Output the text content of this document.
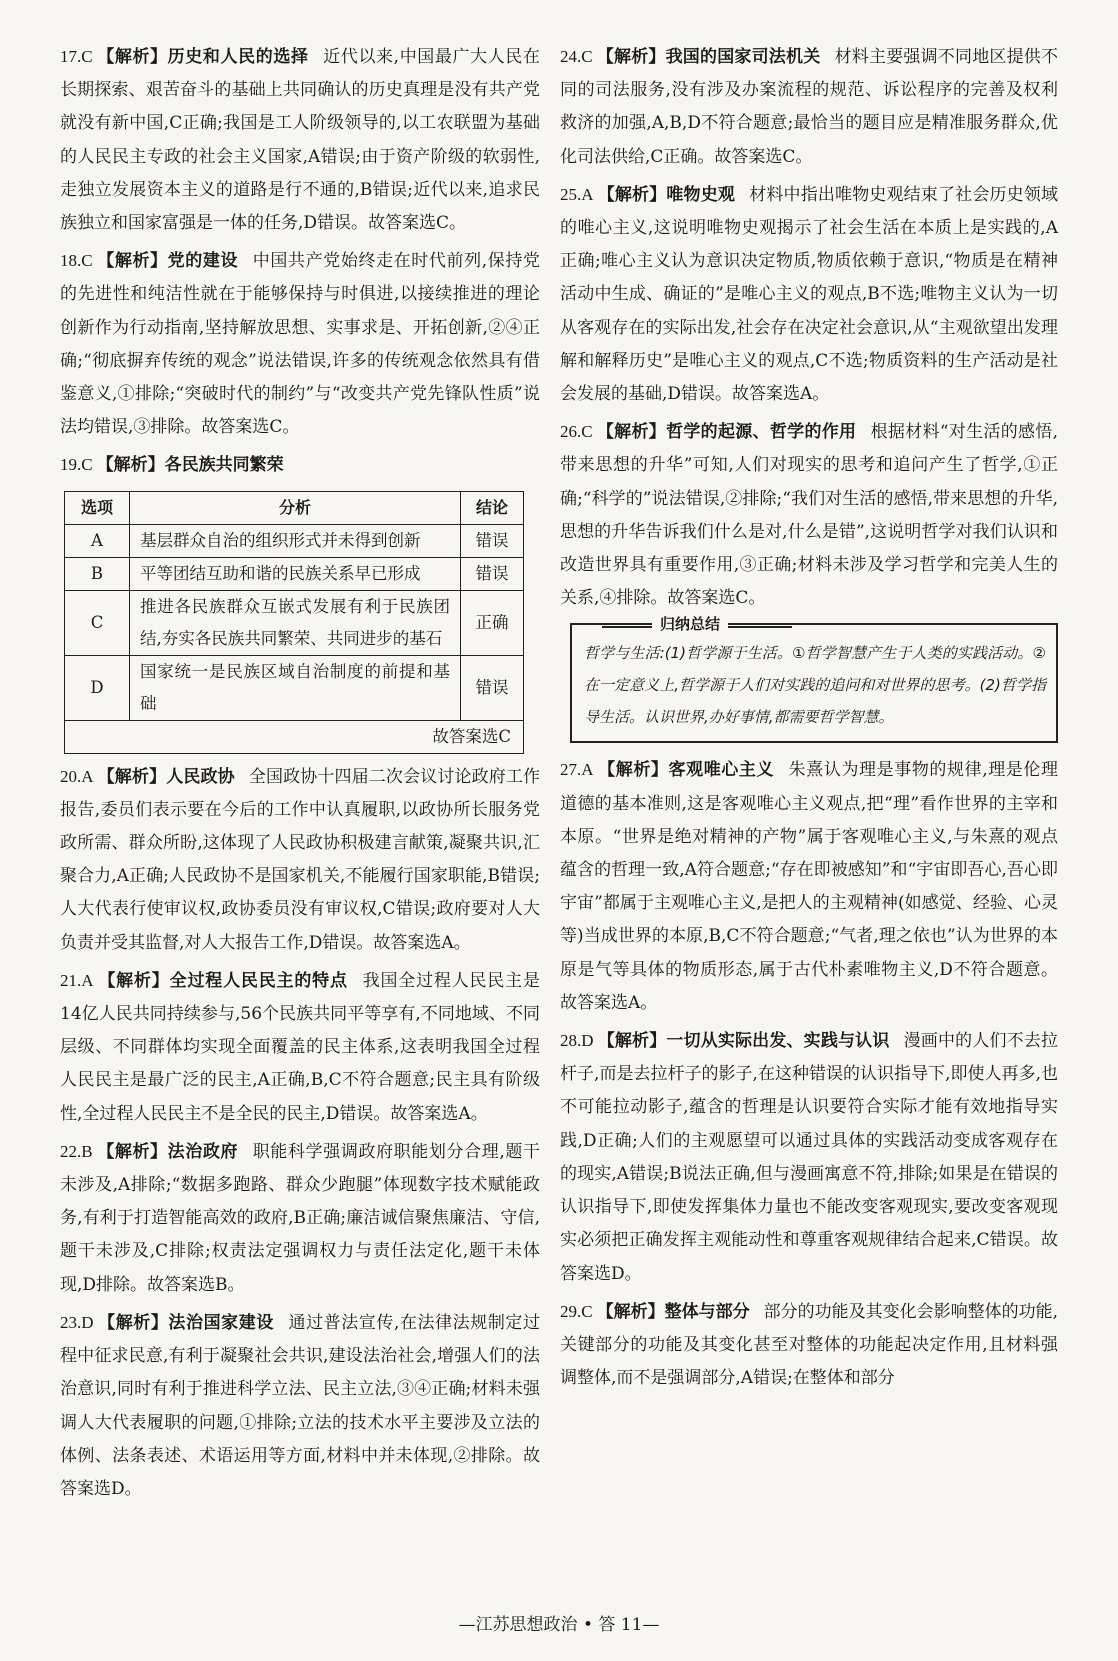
17.C 【解析】历史和人民的选择 近代以来,中国最广大人民在长期探索、艰苦奋斗的基础上共同确认的历史真理是没有共产党就没有新中国,C正确;我国是工人阶级领导的,以工农联盟为基础的人民民主专政的社会主义国家,A错误;由于资产阶级的软弱性,走独立发展资本主义的道路是行不通的,B错误;近代以来,追求民族独立和国家富强是一体的任务,D错误。故答案选C。

18.C 【解析】党的建设 中国共产党始终走在时代前列,保持党的先进性和纯洁性就在于能够保持与时俱进,以接续推进的理论创新作为行动指南,坚持解放思想、实事求是、开拓创新,②④正确;“彻底摒弃传统的观念”说法错误,许多的传统观念依然具有借鉴意义,①排除;“突破时代的制约”与“改变共产党先锋队性质”说法均错误,③排除。故答案选C。

19.C 【解析】各民族共同繁荣

选项	分析	结论
A	基层群众自治的组织形式并未得到创新	错误
B	平等团结互助和谐的民族关系早已形成	错误
C	推进各民族群众互嵌式发展有利于民族团结,夯实各民族共同繁荣、共同进步的基石	正确
D	国家统一是民族区域自治制度的前提和基础	错误
故答案选C		

20.A 【解析】人民政协 全国政协十四届二次会议讨论政府工作报告,委员们表示要在今后的工作中认真履职,以政协所长服务党政所需、群众所盼,这体现了人民政协积极建言献策,凝聚共识,汇聚合力,A正确;人民政协不是国家机关,不能履行国家职能,B错误;人大代表行使审议权,政协委员没有审议权,C错误;政府要对人大负责并受其监督,对人大报告工作,D错误。故答案选A。

21.A 【解析】全过程人民民主的特点 我国全过程人民民主是14亿人民共同持续参与,56个民族共同平等享有,不同地域、不同层级、不同群体均实现全面覆盖的民主体系,这表明我国全过程人民民主是最广泛的民主,A正确,B,C不符合题意;民主具有阶级性,全过程人民民主不是全民的民主,D错误。故答案选A。

22.B 【解析】法治政府 职能科学强调政府职能划分合理,题干未涉及,A排除;“数据多跑路、群众少跑腿”体现数字技术赋能政务,有利于打造智能高效的政府,B正确;廉洁诚信聚焦廉洁、守信,题干未涉及,C排除;权责法定强调权力与责任法定化,题干未体现,D排除。故答案选B。

23.D 【解析】法治国家建设 通过普法宣传,在法律法规制定过程中征求民意,有利于凝聚社会共识,建设法治社会,增强人们的法治意识,同时有利于推进科学立法、民主立法,③④正确;材料未强调人大代表履职的问题,①排除;立法的技术水平主要涉及立法的体例、法条表述、术语运用等方面,材料中并未体现,②排除。故答案选D。

24.C 【解析】我国的国家司法机关 材料主要强调不同地区提供不同的司法服务,没有涉及办案流程的规范、诉讼程序的完善及权利救济的加强,A,B,D不符合题意;最恰当的题目应是精准服务群众,优化司法供给,C正确。故答案选C。

25.A 【解析】唯物史观 材料中指出唯物史观结束了社会历史领域的唯心主义,这说明唯物史观揭示了社会生活在本质上是实践的,A正确;唯心主义认为意识决定物质,物质依赖于意识,“物质是在精神活动中生成、确证的”是唯心主义的观点,B不选;唯物主义认为一切从客观存在的实际出发,社会存在决定社会意识,从“主观欲望出发理解和解释历史”是唯心主义的观点,C不选;物质资料的生产活动是社会发展的基础,D错误。故答案选A。

26.C 【解析】哲学的起源、哲学的作用 根据材料“对生活的感悟,带来思想的升华”可知,人们对现实的思考和追问产生了哲学,①正确;“科学的”说法错误,②排除;“我们对生活的感悟,带来思想的升华,思想的升华告诉我们什么是对,什么是错”,这说明哲学对我们认识和改造世界具有重要作用,③正确;材料未涉及学习哲学和完美人生的关系,④排除。故答案选C。

归纳总结
哲学与生活:(1)哲学源于生活。①哲学智慧产生于人类的实践活动。②在一定意义上,哲学源于人们对实践的追问和对世界的思考。(2)哲学指导生活。认识世界,办好事情,都需要哲学智慧。

27.A 【解析】客观唯心主义 朱熹认为理是事物的规律,理是伦理道德的基本准则,这是客观唯心主义观点,把“理”看作世界的主宰和本原。“世界是绝对精神的产物”属于客观唯心主义,与朱熹的观点蕴含的哲理一致,A符合题意;“存在即被感知”和“宇宙即吾心,吾心即宇宙”都属于主观唯心主义,是把人的主观精神(如感觉、经验、心灵等)当成世界的本原,B,C不符合题意;“气者,理之依也”认为世界的本原是气等具体的物质形态,属于古代朴素唯物主义,D不符合题意。故答案选A。

28.D 【解析】一切从实际出发、实践与认识 漫画中的人们不去拉杆子,而是去拉杆子的影子,在这种错误的认识指导下,即使人再多,也不可能拉动影子,蕴含的哲理是认识要符合实际才能有效地指导实践,D正确;人们的主观愿望可以通过具体的实践活动变成客观存在的现实,A错误;B说法正确,但与漫画寓意不符,排除;如果是在错误的认识指导下,即使发挥集体力量也不能改变客观现实,要改变客观现实必须把正确发挥主观能动性和尊重客观规律结合起来,C错误。故答案选D。

29.C 【解析】整体与部分 部分的功能及其变化会影响整体的功能,关键部分的功能及其变化甚至对整体的功能起决定作用,且材料强调整体,而不是强调部分,A错误;在整体和部分

—江苏思想政治 • 答 11—
